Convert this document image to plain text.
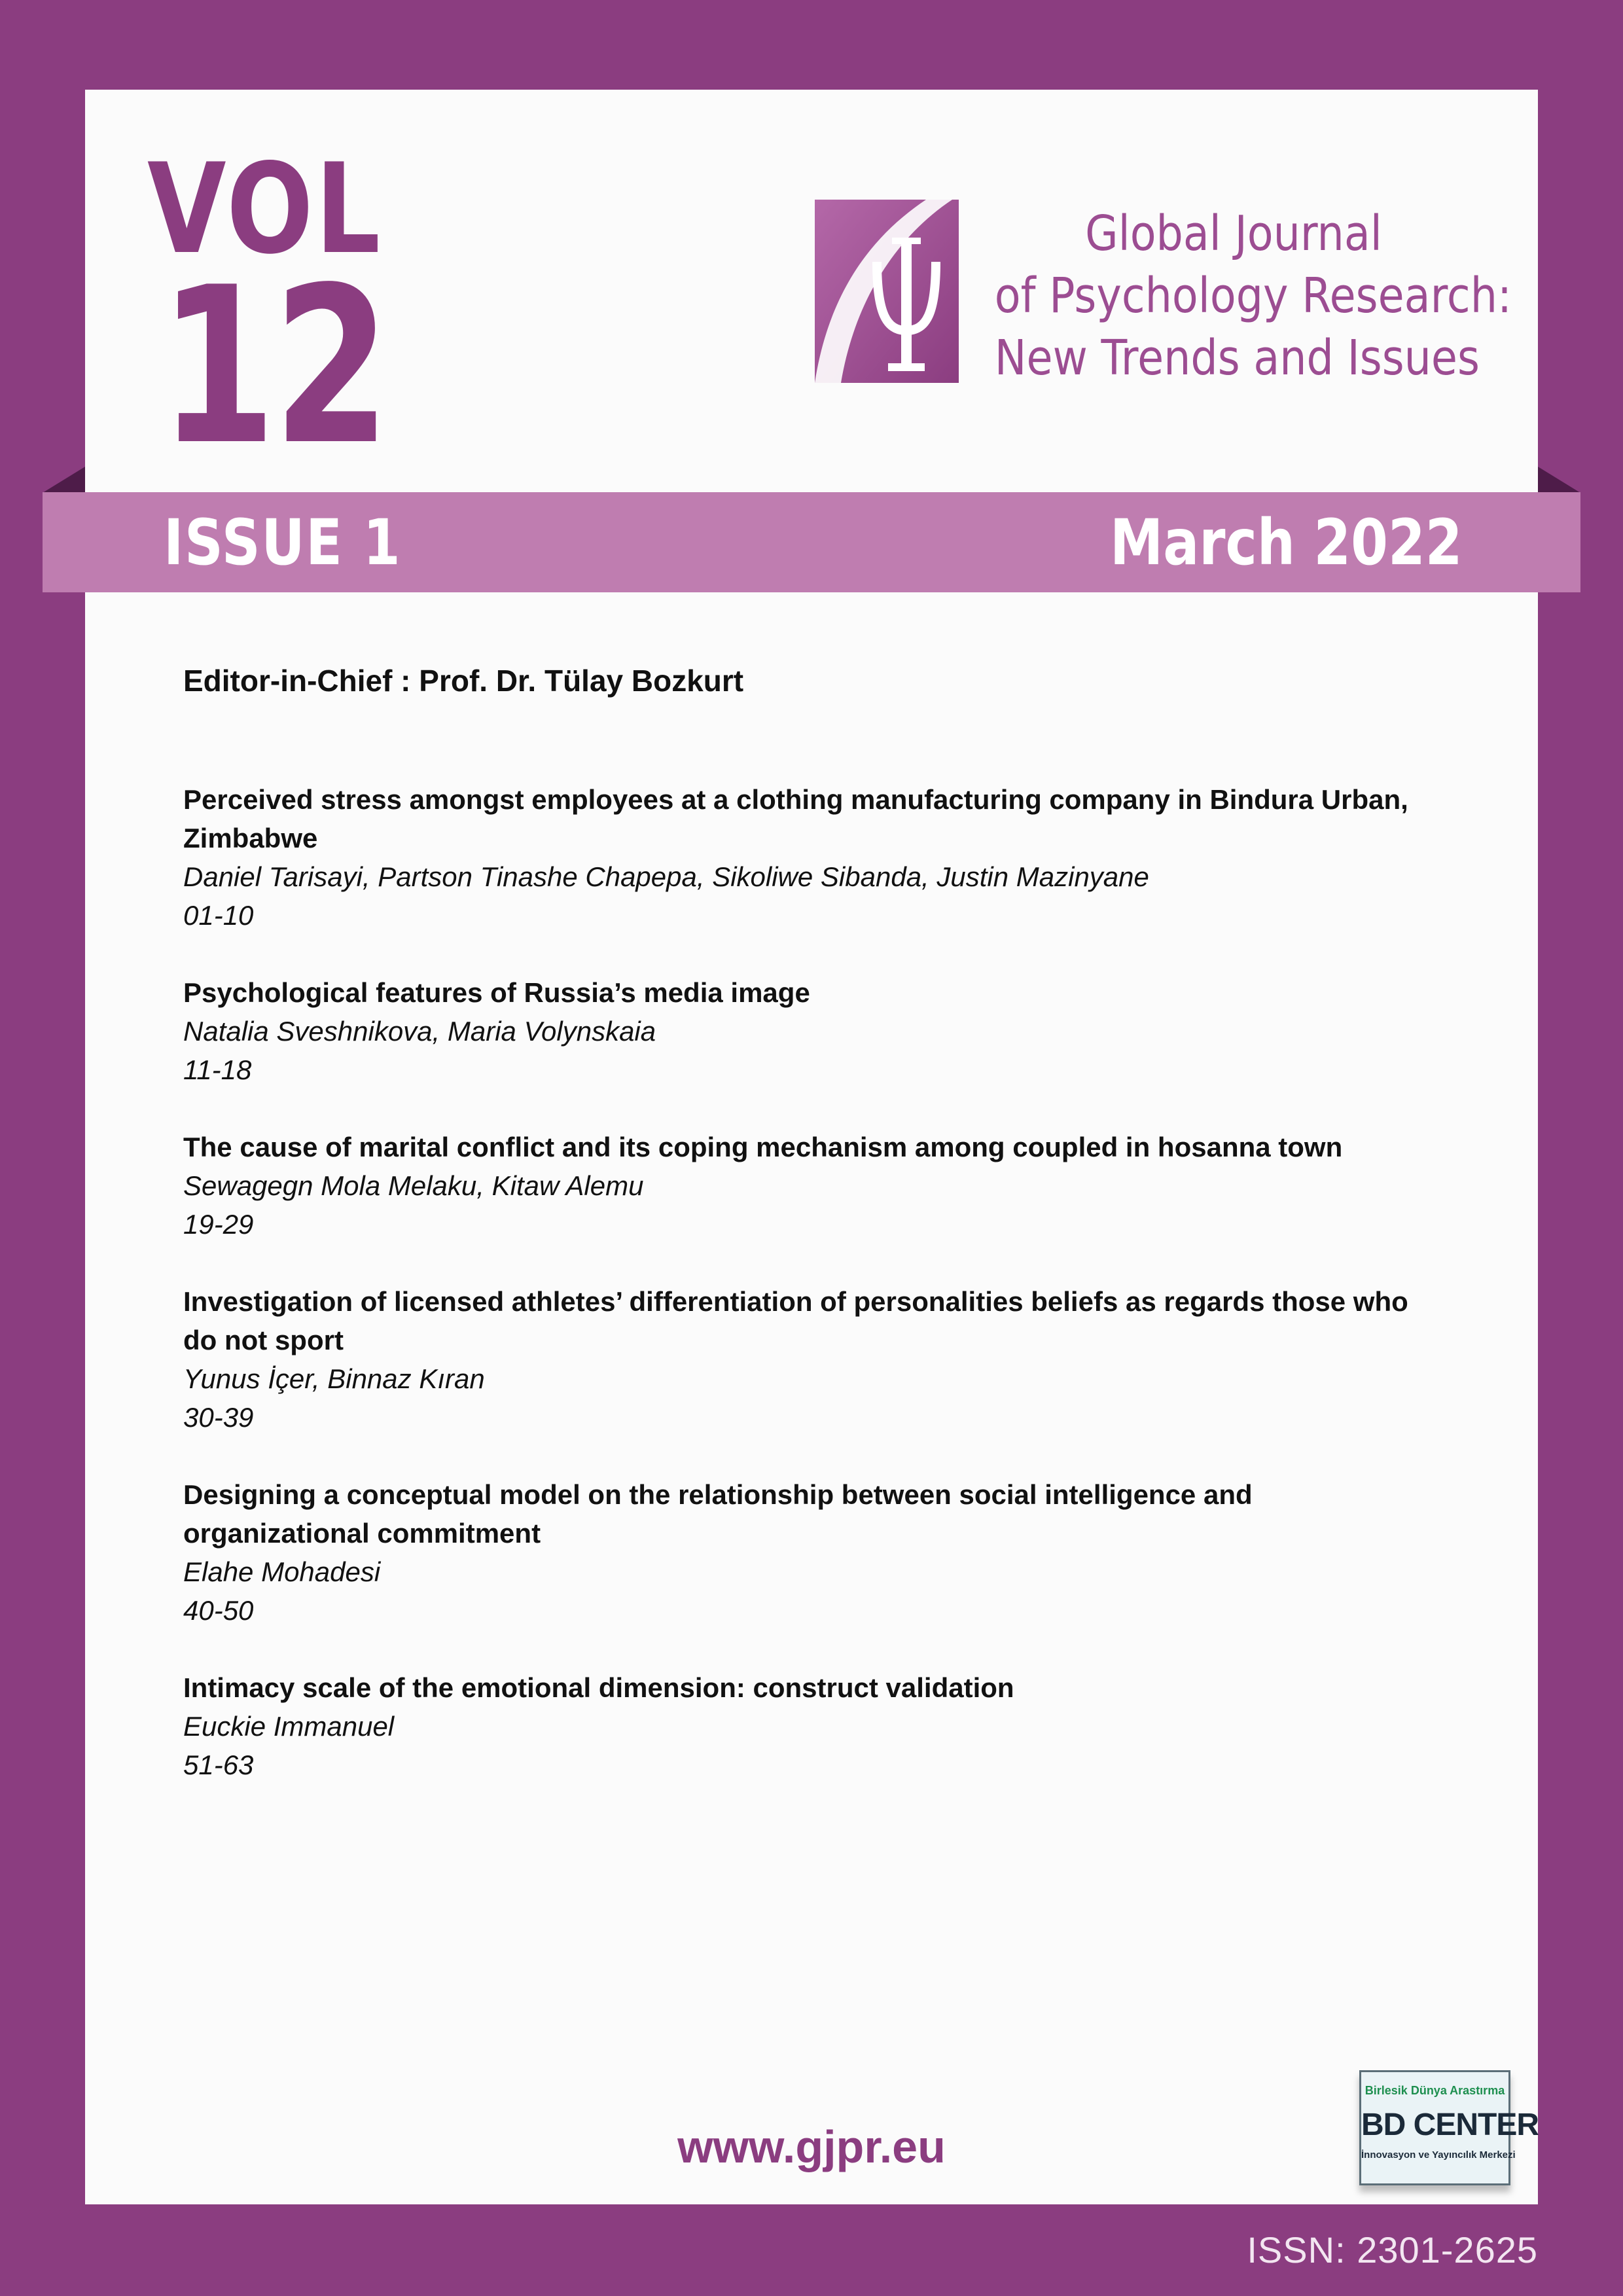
VOL
12
Global Journal
of Psychology Research:
New Trends and Issues
ISSUE 1	March 2022
Editor-in-Chief : Prof. Dr. Tülay Bozkurt
Perceived stress amongst employees at a clothing manufacturing company in Bindura Urban, Zimbabwe
Daniel Tarisayi, Partson Tinashe Chapepa, Sikoliwe Sibanda, Justin Mazinyane
01-10
Psychological features of Russia’s media image
Natalia Sveshnikova, Maria Volynskaia
11-18
The cause of marital conflict and its coping mechanism among coupled in hosanna town
Sewagegn Mola Melaku, Kitaw Alemu
19-29
Investigation of licensed athletes’ differentiation of personalities beliefs as regards those who do not sport
Yunus İçer, Binnaz Kıran
30-39
Designing a conceptual model on the relationship between social intelligence and organizational commitment
Elahe Mohadesi
40-50
Intimacy scale of the emotional dimension: construct validation
Euckie Immanuel
51-63
www.gjpr.eu
Birlesik Dünya Arastırma
BD CENTER
İnnovasyon ve Yayıncılık Merkezi
ISSN: 2301-2625
